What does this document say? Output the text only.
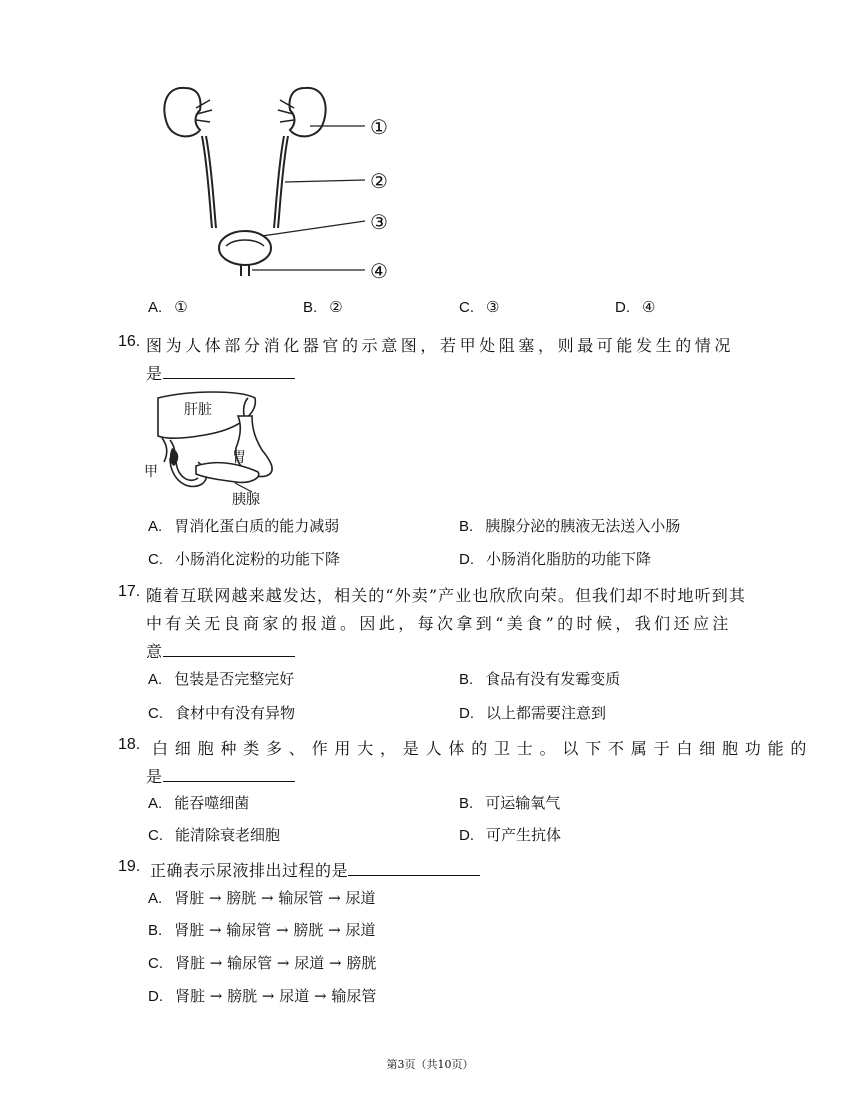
①
②
③
④
A. ①	B. ②	C. ③	D. ④
16. 图为人体部分消化器官的示意图，若甲处阻塞，则最可能发生的情况
是
肝脏
胃
甲
胰腺
A. 胃消化蛋白质的能力减弱	B. 胰腺分泌的胰液无法送入小肠
C. 小肠消化淀粉的功能下降	D. 小肠消化脂肪的功能下降
17. 随着互联网越来越发达，相关的“外卖”产业也欣欣向荣。但我们却不时地听到其
中有关无良商家的报道。因此，每次拿到“美食”的时候，我们还应注
意
A. 包装是否完整完好	B. 食品有没有发霉变质
C. 食材中有没有异物	D. 以上都需要注意到
18. 白细胞种类多、作用大，是人体的卫士。以下不属于白细胞功能的
是
A. 能吞噬细菌	B. 可运输氧气
C. 能清除衰老细胞	D. 可产生抗体
19. 正确表示尿液排出过程的是
A. 肾脏 → 膀胱 → 输尿管 → 尿道
B. 肾脏 → 输尿管 → 膀胱 → 尿道
C. 肾脏 → 输尿管 → 尿道 → 膀胱
D. 肾脏 → 膀胱 → 尿道 → 输尿管
第3页（共10页）
